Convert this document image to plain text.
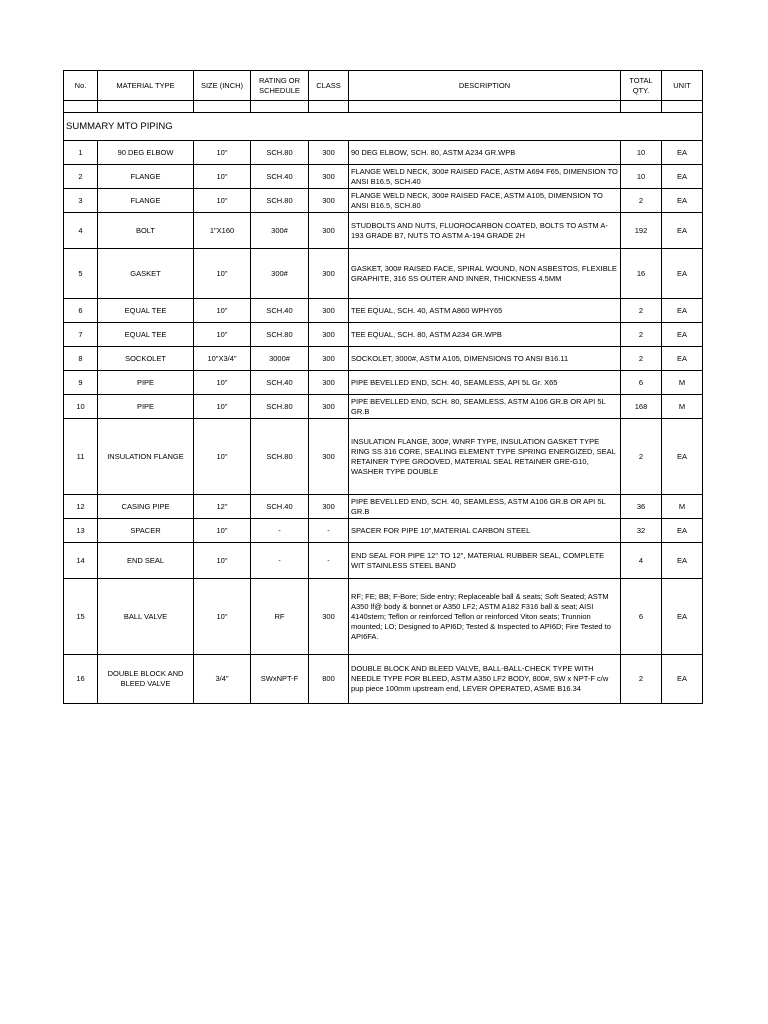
No.	MATERIAL TYPE	SIZE (INCH)	RATING OR SCHEDULE	CLASS	DESCRIPTION	TOTAL QTY.	UNIT

SUMMARY MTO PIPING							
1	90 DEG ELBOW	10"	SCH.80	300	90 DEG ELBOW, SCH. 80, ASTM A234 GR.WPB	10	EA
2	FLANGE	10"	SCH.40	300	FLANGE WELD NECK, 300# RAISED FACE, ASTM A694 F65, DIMENSION TO ANSI B16.5, SCH.40	10	EA
3	FLANGE	10"	SCH.80	300	FLANGE WELD NECK, 300# RAISED FACE, ASTM A105, DIMENSION TO ANSI B16.5, SCH.80	2	EA
4	BOLT	1"X160	300#	300	STUDBOLTS AND NUTS, FLUOROCARBON COATED, BOLTS TO ASTM A-193 GRADE B7, NUTS TO ASTM A-194 GRADE 2H	192	EA
5	GASKET	10"	300#	300	GASKET, 300# RAISED FACE, SPIRAL WOUND, NON ASBESTOS, FLEXIBLE GRAPHITE, 316 SS OUTER AND INNER, THICKNESS 4.5MM	16	EA
6	EQUAL TEE	10"	SCH.40	300	TEE EQUAL, SCH. 40, ASTM A860 WPHY65	2	EA
7	EQUAL TEE	10"	SCH.80	300	TEE EQUAL, SCH. 80, ASTM A234 GR.WPB	2	EA
8	SOCKOLET	10"X3/4"	3000#	300	SOCKOLET, 3000#, ASTM A105, DIMENSIONS TO ANSI B16.11	2	EA
9	PIPE	10"	SCH.40	300	PIPE BEVELLED END, SCH. 40, SEAMLESS, API 5L Gr. X65	6	M
10	PIPE	10"	SCH.80	300	PIPE BEVELLED END, SCH. 80, SEAMLESS, ASTM A106 GR.B OR API 5L GR.B	168	M
11	INSULATION FLANGE	10"	SCH.80	300	INSULATION FLANGE, 300#, WNRF TYPE, INSULATION GASKET TYPE RING SS 316 CORE, SEALING ELEMENT TYPE SPRING ENERGIZED, SEAL RETAINER TYPE GROOVED, MATERIAL SEAL RETAINER GRE-G10, WASHER TYPE DOUBLE	2	EA
12	CASING PIPE	12"	SCH.40	300	PIPE BEVELLED END, SCH. 40, SEAMLESS, ASTM A106 GR.B OR API 5L GR.B	36	M
13	SPACER	10"	-	-	SPACER FOR PIPE 10",MATERIAL CARBON STEEL	32	EA
14	END SEAL	10"	-	-	END SEAL FOR PIPE 12" TO 12", MATERIAL RUBBER SEAL, COMPLETE WIT STAINLESS STEEL BAND	4	EA
15	BALL VALVE	10"	RF	300	RF; FE; BB; F-Bore; Side entry; Replaceable ball & seats; Soft Seated; ASTM A350 lf@ body & bonnet or A350 LF2; ASTM A182 F316 ball & seat; AISI 4140stem; Teflon or reinforced Teflon or reinforced Viton seats; Trunnion mounted; LO; Designed to API6D; Tested & Inspected to API6D; Fire Tested to API6FA.	6	EA
16	DOUBLE BLOCK AND BLEED VALVE	3/4"	SWxNPT-F	800	DOUBLE BLOCK AND BLEED VALVE, BALL-BALL-CHECK TYPE WITH NEEDLE TYPE FOR BLEED, ASTM A350 LF2 BODY, 800#, SW x NPT-F c/w pup piece 100mm upstream end, LEVER OPERATED, ASME B16.34	2	EA
